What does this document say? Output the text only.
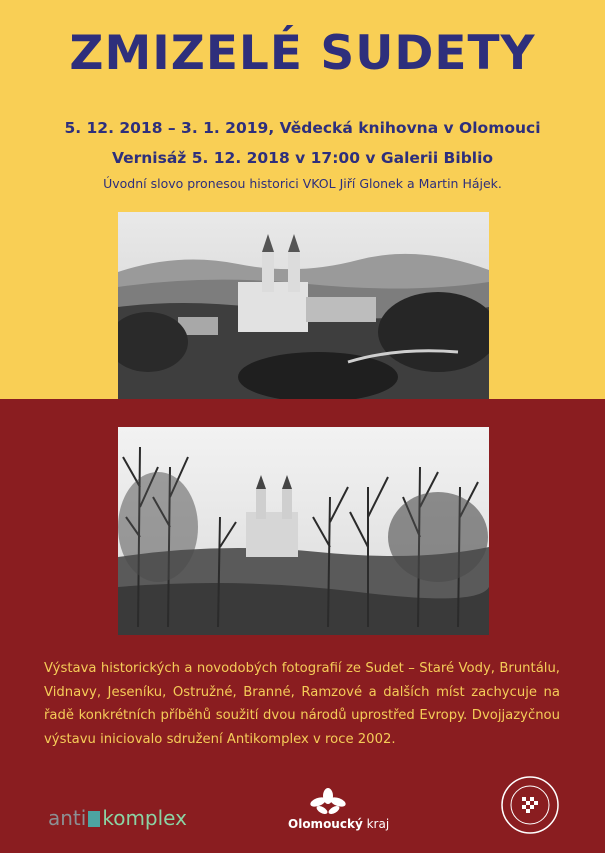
ZMIZELÉ SUDETY
5. 12. 2018 – 3. 1. 2019, Vědecká knihovna v Olomouci
Vernisáž 5. 12. 2018 v 17:00 v Galerii Biblio
Úvodní slovo pronesou historici VKOL Jiří Glonek a Martin Hájek.
Výstava historických a novodobých fotografií ze Sudet – Staré Vody, Bruntálu, Vidnavy, Jeseníku, Ostružné, Branné, Ramzové a dalších míst zachycuje na řadě konkrétních příběhů soužití dvou národů uprostřed Evropy. Dvojjazyčnou výstavu iniciovalo sdružení Antikomplex v roce 2002.
anti komplex	Olomoucký kraj
